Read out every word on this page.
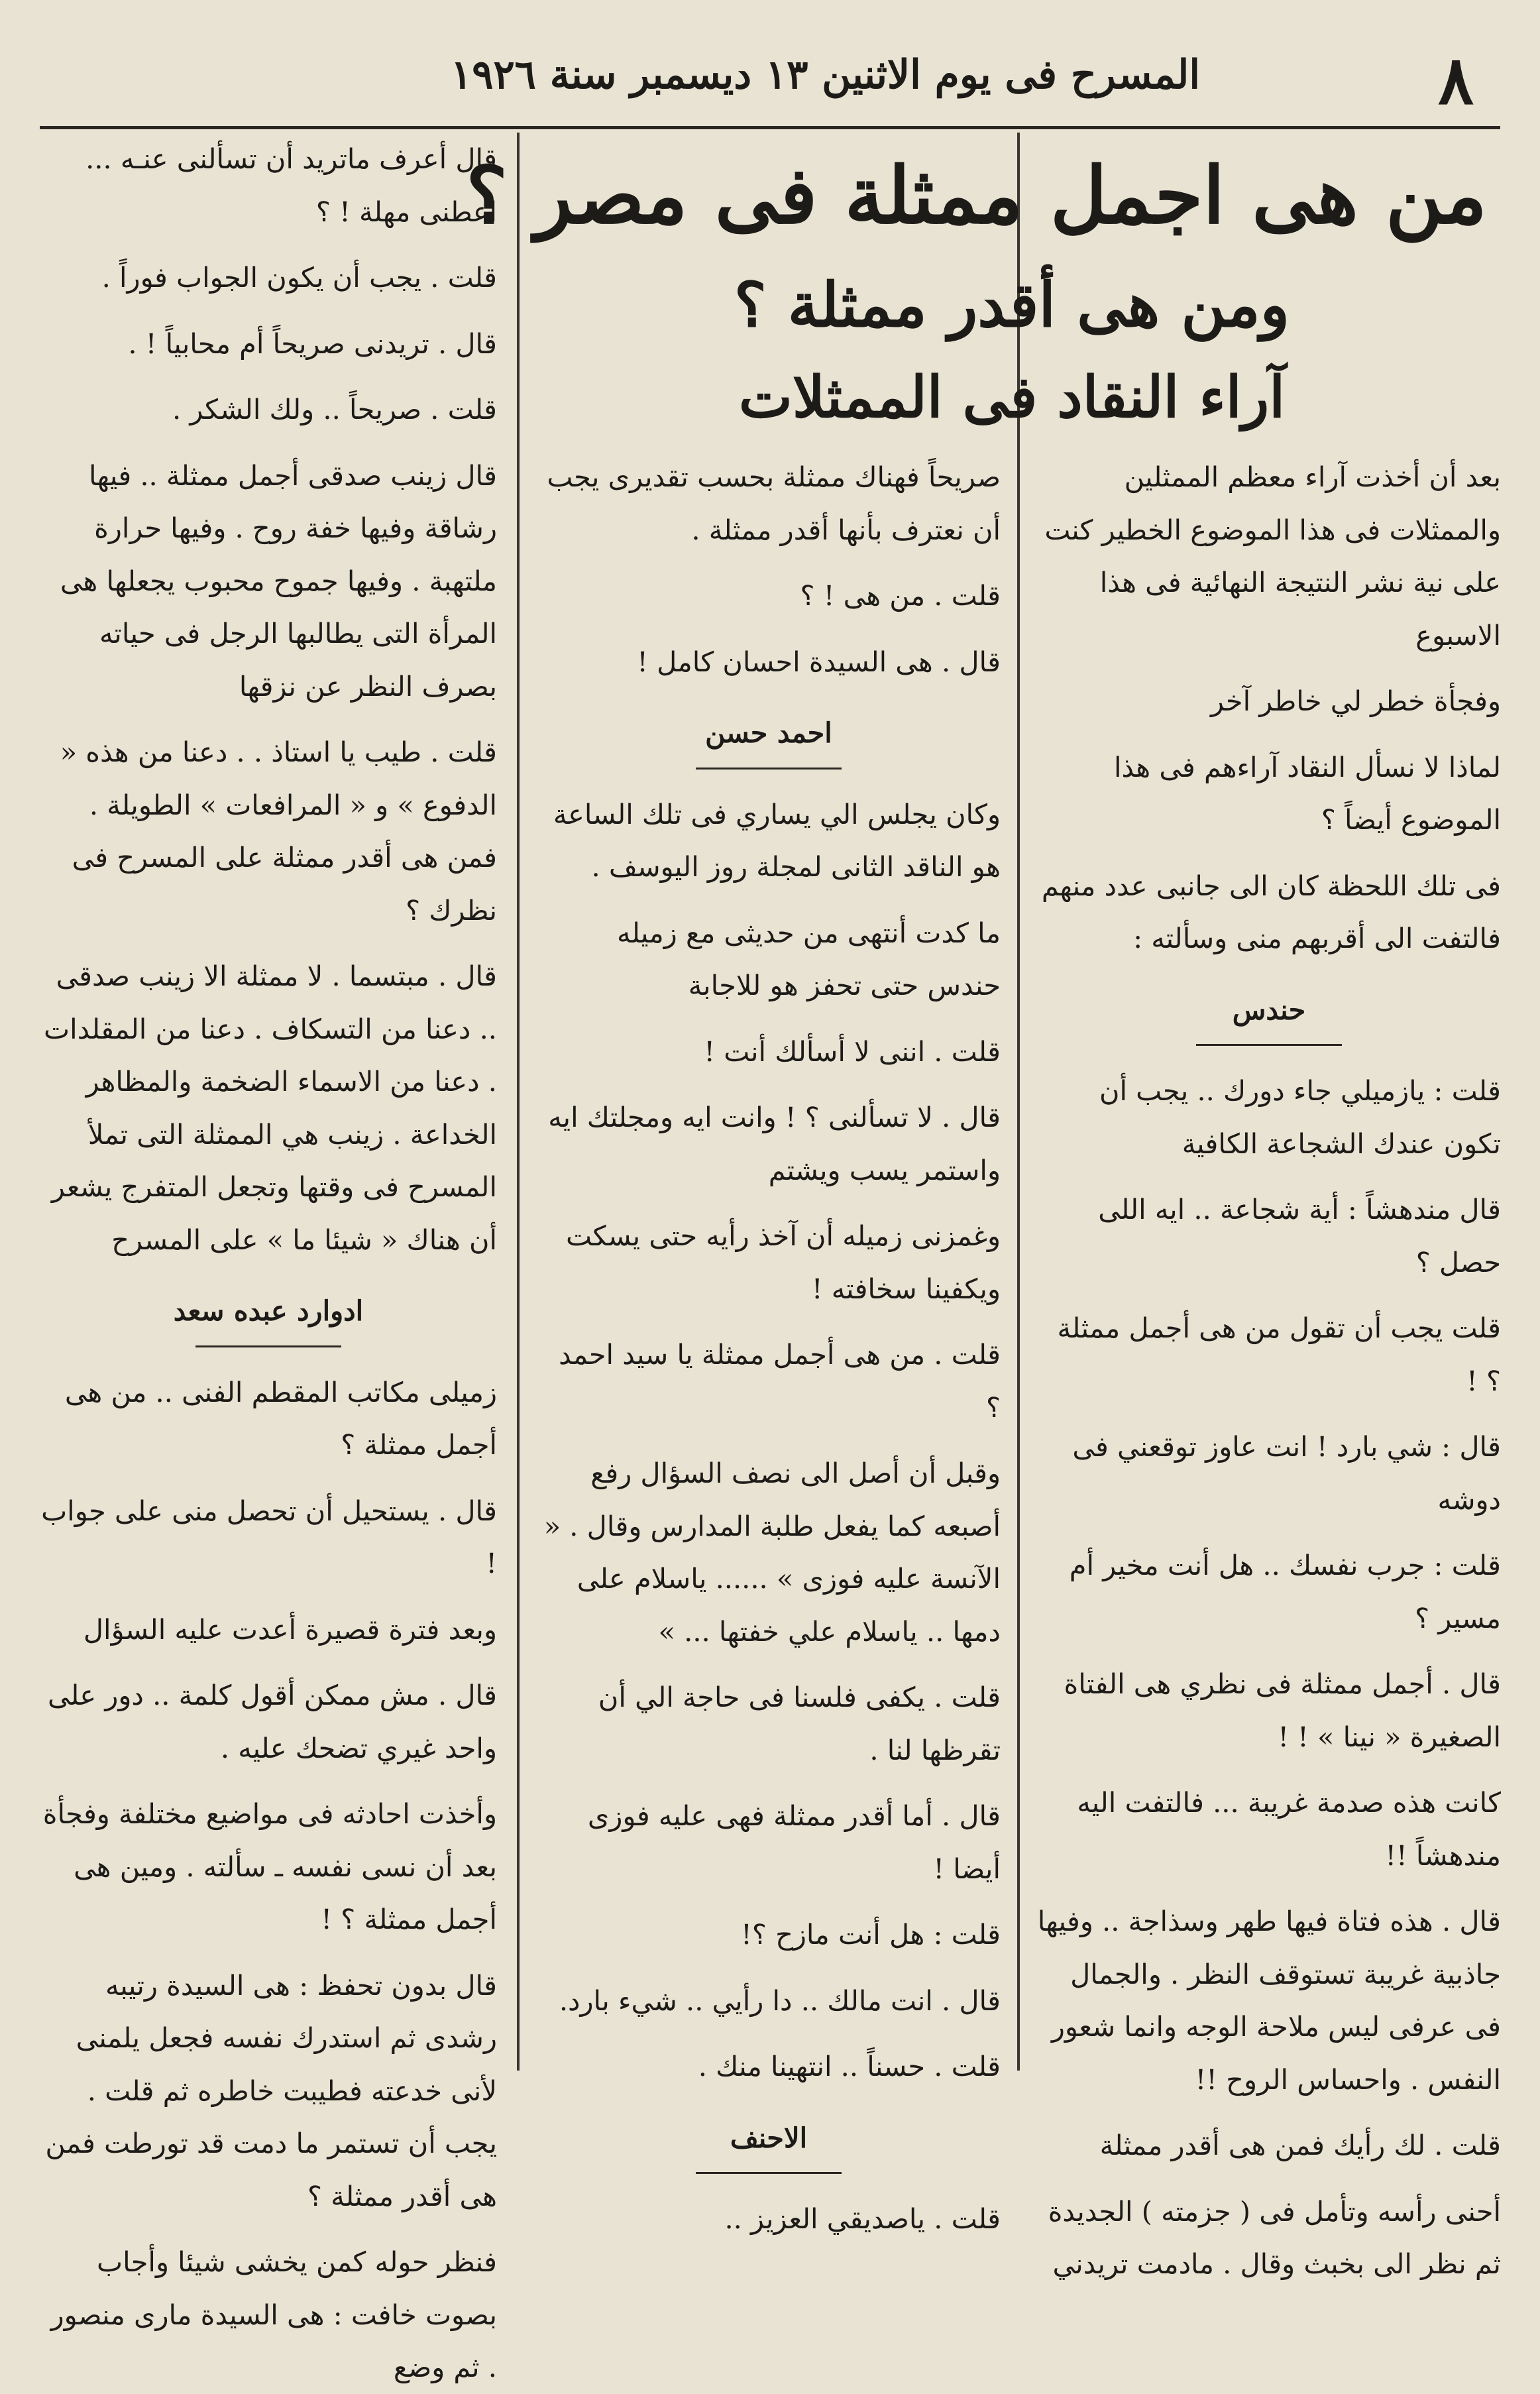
٨
المسرح فى يوم الاثنين ١٣ ديسمبر سنة ١٩٢٦
من هى اجمل ممثلة فى مصر ؟
ومن هى أقدر ممثلة ؟
آراء النقاد فى الممثلات

بعد أن أخذت آراء معظم الممثلين والممثلات فى هذا الموضوع الخطير كنت على نية نشر النتيجة النهائية فى هذا الاسبوع

وفجأة خطر لي خاطر آخر

لماذا لا نسأل النقاد آراءهم فى هذا الموضوع أيضاً ؟

فى تلك اللحظة كان الى جانبى عدد منهم فالتفت الى أقربهم منى وسألته :

حندس

قلت : يازميلي جاء دورك .. يجب أن تكون عندك الشجاعة الكافية

قال مندهشاً : أية شجاعة .. ايه اللى حصل ؟

قلت يجب أن تقول من هى أجمل ممثلة ؟ !

قال : شي بارد ! انت عاوز توقعني فى دوشه

قلت : جرب نفسك .. هل أنت مخير أم مسير ؟

قال . أجمل ممثلة فى نظري هى الفتاة الصغيرة « نينا » ! !

كانت هذه صدمة غريبة ... فالتفت اليه مندهشاً !!

قال . هذه فتاة فيها طهر وسذاجة .. وفيها جاذبية غريبة تستوقف النظر . والجمال فى عرفى ليس ملاحة الوجه وانما شعور النفس . واحساس الروح !!

قلت . لك رأيك فمن هى أقدر ممثلة

أحنى رأسه وتأمل فى ( جزمته ) الجديدة ثم نظر الى بخبث وقال . مادمت تريدني

صريحاً فهناك ممثلة بحسب تقديرى يجب أن نعترف بأنها أقدر ممثلة .

قلت . من هى ! ؟

قال . هى السيدة احسان كامل !

احمد حسن

وكان يجلس الي يساري فى تلك الساعة هو الناقد الثانى لمجلة روز اليوسف .

ما كدت أنتهى من حديثى مع زميله حندس حتى تحفز هو للاجابة

قلت . اننى لا أسألك أنت !

قال . لا تسألنى ؟ ! وانت ايه ومجلتك ايه واستمر يسب ويشتم

وغمزنى زميله أن آخذ رأيه حتى يسكت ويكفينا سخافته !

قلت . من هى أجمل ممثلة يا سيد احمد ؟

وقبل أن أصل الى نصف السؤال رفع أصبعه كما يفعل طلبة المدارس وقال . « الآنسة عليه فوزى » ...... ياسلام على دمها .. ياسلام علي خفتها ... »

قلت . يكفى فلسنا فى حاجة الي أن تقرظها لنا .

قال . أما أقدر ممثلة فهى عليه فوزى أيضا !

قلت : هل أنت مازح ؟!

قال . انت مالك .. دا رأيي .. شيء بارد.

قلت . حسناً .. انتهينا منك .

الاحنف

قلت . ياصديقي العزيز ..

قال أعرف ماتريد أن تسألنى عنـه ... اعطنى مهلة ! ؟

قلت . يجب أن يكون الجواب فوراً .

قال . تريدنى صريحاً أم محابياً ! .

قلت . صريحاً .. ولك الشكر .

قال زينب صدقى أجمل ممثلة .. فيها رشاقة وفيها خفة روح . وفيها حرارة ملتهبة . وفيها جموح محبوب يجعلها هى المرأة التى يطالبها الرجل فى حياته بصرف النظر عن نزقها

قلت . طيب يا استاذ . . دعنا من هذه « الدفوع » و « المرافعات » الطويلة . فمن هى أقدر ممثلة على المسرح فى نظرك ؟

قال . مبتسما . لا ممثلة الا زينب صدقى .. دعنا من التسكاف . دعنا من المقلدات . دعنا من الاسماء الضخمة والمظاهر الخداعة . زينب هي الممثلة التى تملأ المسرح فى وقتها وتجعل المتفرج يشعر أن هناك « شيئا ما » على المسرح

ادوارد عبده سعد

زميلى مكاتب المقطم الفنى .. من هى أجمل ممثلة ؟

قال . يستحيل أن تحصل منى على جواب !

وبعد فترة قصيرة أعدت عليه السؤال

قال . مش ممكن أقول كلمة .. دور على واحد غيري تضحك عليه .

وأخذت احادثه فى مواضيع مختلفة وفجأة بعد أن نسى نفسه ـ سألته . ومين هى أجمل ممثلة ؟ !

قال بدون تحفظ : هى السيدة رتيبه رشدى ثم استدرك نفسه فجعل يلمنى لأنى خدعته فطيبت خاطره ثم قلت . يجب أن تستمر ما دمت قد تورطت فمن هى أقدر ممثلة ؟

فنظر حوله كمن يخشى شيئا وأجاب بصوت خافت : هى السيدة مارى منصور . ثم وضع
